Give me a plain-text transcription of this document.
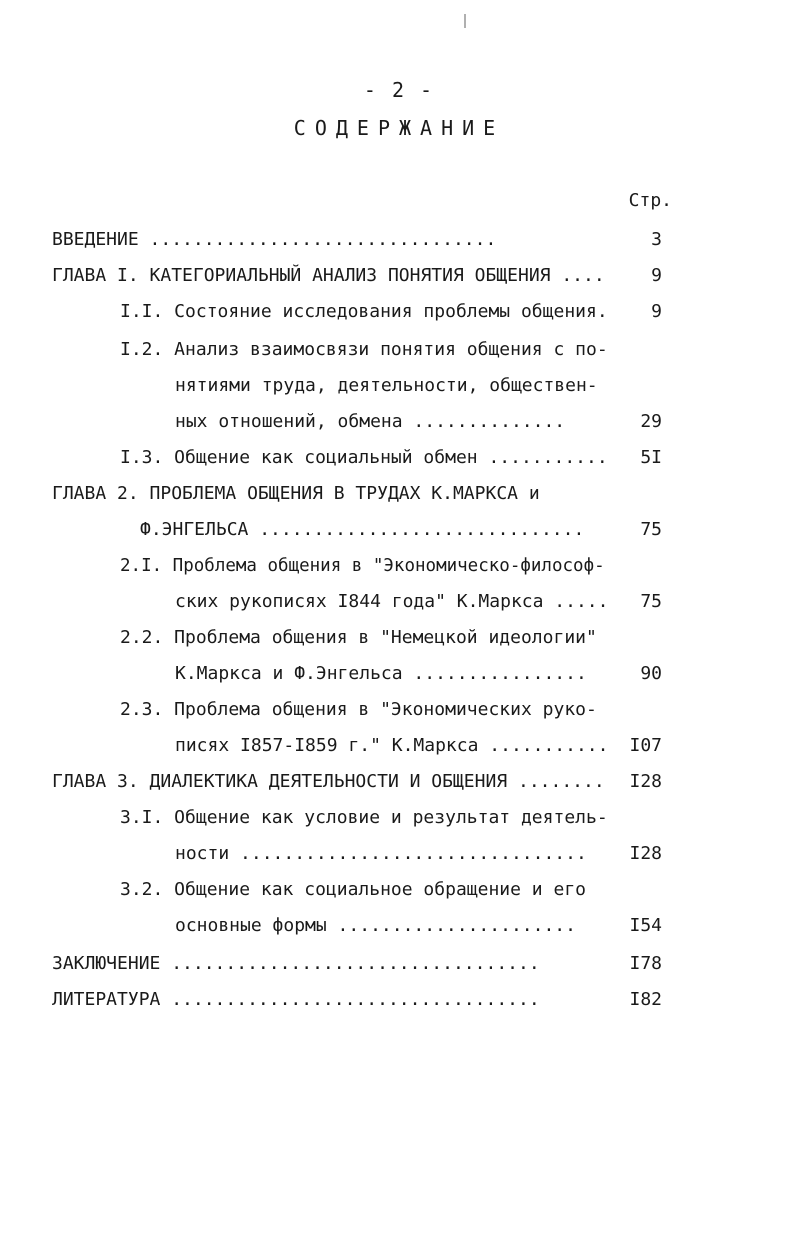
- 2 -
СОДЕРЖАНИЕ
Стр.
ВВЕДЕНИЕ ................................	3
ГЛАВА I. КАТЕГОРИАЛЬНЫЙ АНАЛИЗ ПОНЯТИЯ ОБЩЕНИЯ ....	9
I.I. Состояние исследования проблемы общения. 9
I.2. Анализ взаимосвязи понятия общения с по-
нятиями труда, деятельности, обществен-
ных отношений, обмена ..............	29
I.3. Общение как социальный обмен ........... 5I
ГЛАВА 2. ПРОБЛЕМА ОБЩЕНИЯ В ТРУДАХ К.МАРКСА и
Ф.ЭНГЕЛЬСА ..............................	75
2.I. Проблема общения в "Экономическо-философ-
ских рукописях I844 года" К.Маркса ..... 75
2.2. Проблема общения в "Немецкой идеологии"
К.Маркса и Ф.Энгельса ................	90
2.3. Проблема общения в "Экономических руко-
писях I857-I859 г." К.Маркса ........... I07
ГЛАВА 3. ДИАЛЕКТИКА ДЕЯТЕЛЬНОСТИ И ОБЩЕНИЯ ........ I28
3.I. Общение как условие и результат деятель-
ности ................................ I28
3.2. Общение как социальное обращение и его
основные формы ......................	I54
ЗАКЛЮЧЕНИЕ ..................................	I78
ЛИТЕРАТУРА ..................................	I82
